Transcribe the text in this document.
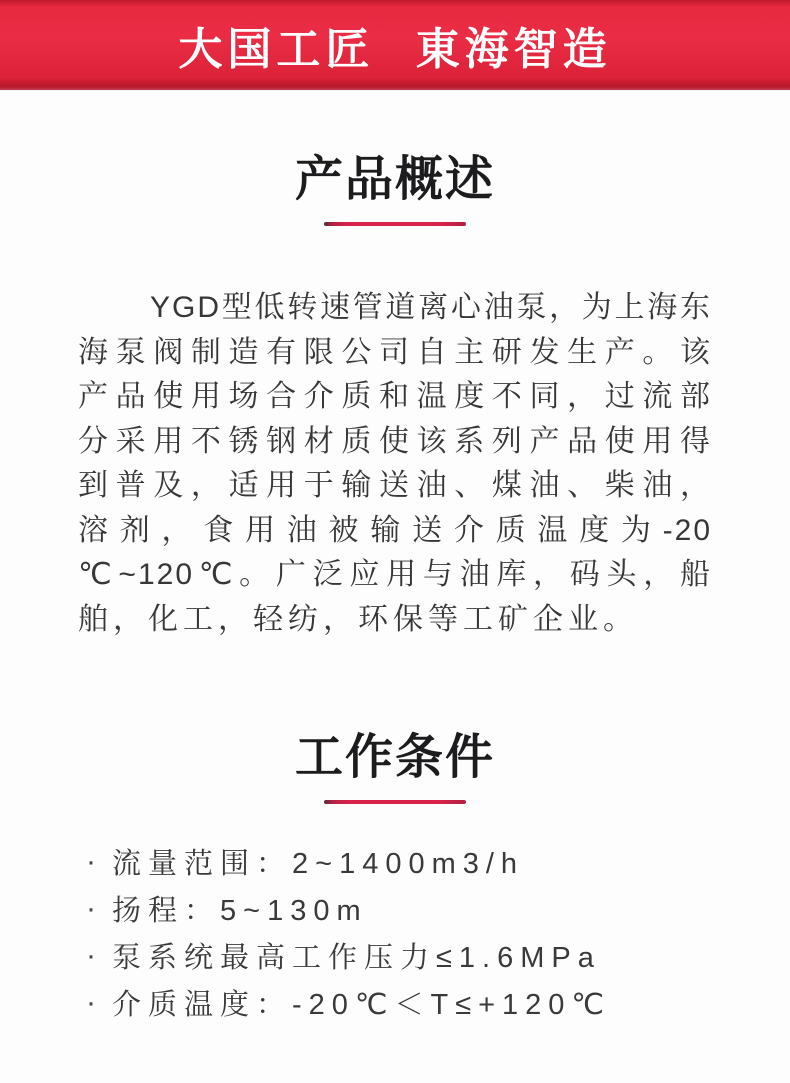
大国工匠 東海智造
产品概述
YGD型低转速管道离心油泵，为上海东
海泵阀制造有限公司自主研发生产。该
产品使用场合介质和温度不同，过流部
分采用不锈钢材质使该系列产品使用得
到普及，适用于输送油、煤油、柴油，
溶剂，食用油被输送介质温度为-20
℃~120℃。广泛应用与油库，码头，船
舶，化工，轻纺，环保等工矿企业。
工作条件
· 流量范围：2~1400m3/h
· 扬程：5~130m
· 泵系统最高工作压力≤1.6MPa
· 介质温度：-20℃＜T≤+120℃
